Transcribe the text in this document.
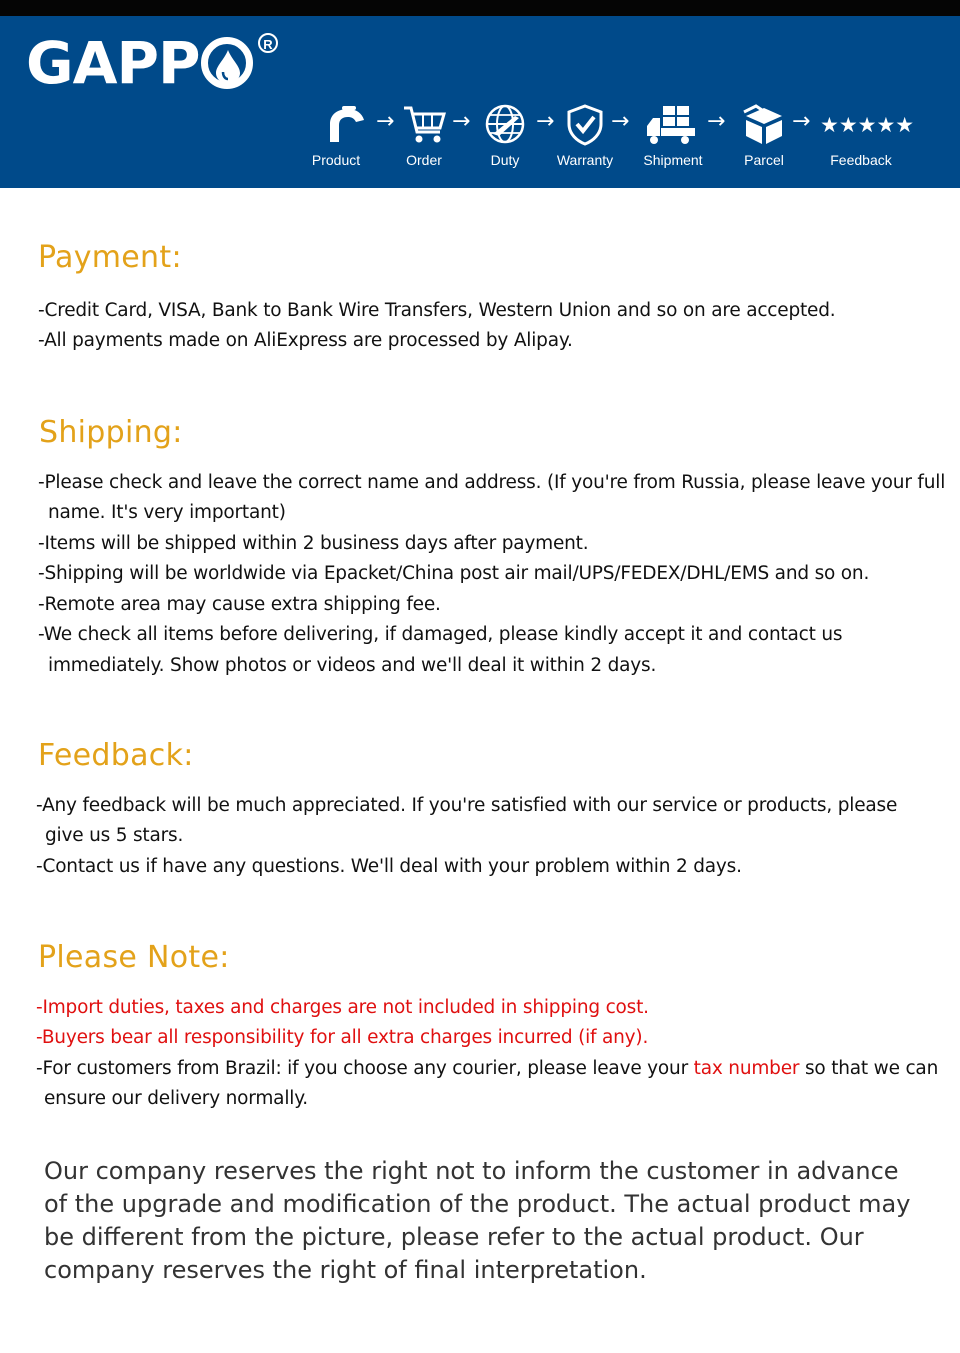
GAPP	R
→	→	→	→	→	→ ★★★★★
Product	Order	Duty	Warranty Shipment	Parcel	Feedback
Payment:
-Credit Card, VISA, Bank to Bank Wire Transfers, Western Union and so on are accepted.
-All payments made on AliExpress are processed by Alipay.
Shipping:
-Please check and leave the correct name and address. (If you're from Russia, please leave your full
name. It's very important)
-Items will be shipped within 2 business days after payment.
-Shipping will be worldwide via Epacket/China post air mail/UPS/FEDEX/DHL/EMS and so on.
-Remote area may cause extra shipping fee.
-We check all items before delivering, if damaged, please kindly accept it and contact us
immediately. Show photos or videos and we'll deal it within 2 days.
Feedback:
-Any feedback will be much appreciated. If you're satisfied with our service or products, please
give us 5 stars.
-Contact us if have any questions. We'll deal with your problem within 2 days.
Please Note:
-Import duties, taxes and charges are not included in shipping cost.
-Buyers bear all responsibility for all extra charges incurred (if any).
-For customers from Brazil: if you choose any courier, please leave your tax number so that we can
ensure our delivery normally.
Our company reserves the right not to inform the customer in advance
of the upgrade and modification of the product. The actual product may
be different from the picture, please refer to the actual product. Our
company reserves the right of final interpretation.
